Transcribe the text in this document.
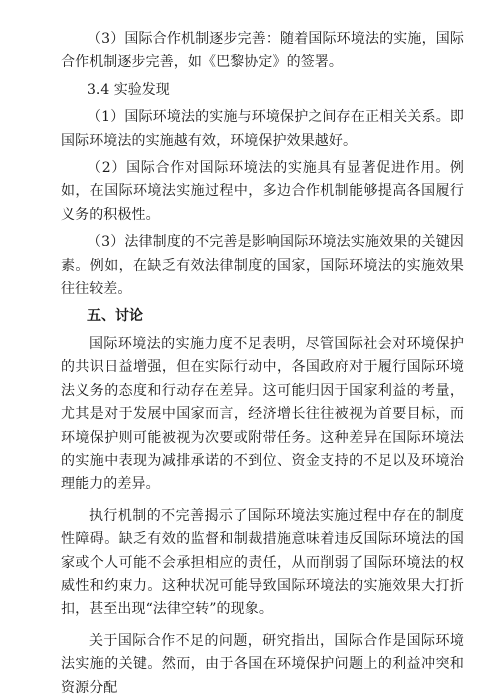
（3）国际合作机制逐步完善：随着国际环境法的实施，国际合作机制逐步完善，如《巴黎协定》的签署。

3.4 实验发现

（1）国际环境法的实施与环境保护之间存在正相关关系。即国际环境法的实施越有效，环境保护效果越好。

（2）国际合作对国际环境法的实施具有显著促进作用。例如，在国际环境法实施过程中，多边合作机制能够提高各国履行义务的积极性。

（3）法律制度的不完善是影响国际环境法实施效果的关键因素。例如，在缺乏有效法律制度的国家，国际环境法的实施效果往往较差。

五、讨论

国际环境法的实施力度不足表明，尽管国际社会对环境保护的共识日益增强，但在实际行动中，各国政府对于履行国际环境法义务的态度和行动存在差异。这可能归因于国家利益的考量，尤其是对于发展中国家而言，经济增长往往被视为首要目标，而环境保护则可能被视为次要或附带任务。这种差异在国际环境法的实施中表现为减排承诺的不到位、资金支持的不足以及环境治理能力的差异。

执行机制的不完善揭示了国际环境法实施过程中存在的制度性障碍。缺乏有效的监督和制裁措施意味着违反国际环境法的国家或个人可能不会承担相应的责任，从而削弱了国际环境法的权威性和约束力。这种状况可能导致国际环境法的实施效果大打折扣，甚至出现“法律空转”的现象。

关于国际合作不足的问题，研究指出，国际合作是国际环境法实施的关键。然而，由于各国在环境保护问题上的利益冲突和资源分配
